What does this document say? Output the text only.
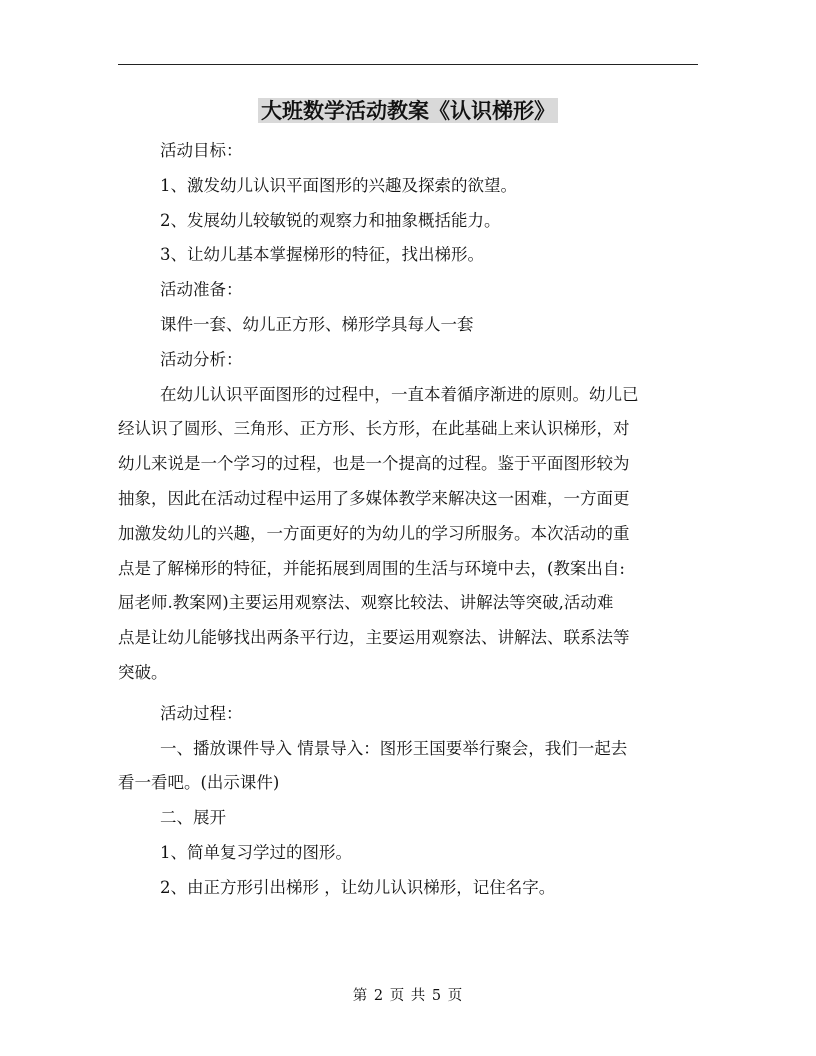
大班数学活动教案《认识梯形》

活动目标：

1、激发幼儿认识平面图形的兴趣及探索的欲望。

2、发展幼儿较敏锐的观察力和抽象概括能力。

3、让幼儿基本掌握梯形的特征，找出梯形。

活动准备：

课件一套、幼儿正方形、梯形学具每人一套

活动分析：

在幼儿认识平面图形的过程中，一直本着循序渐进的原则。幼儿已

经认识了圆形、三角形、正方形、长方形，在此基础上来认识梯形，对

幼儿来说是一个学习的过程，也是一个提高的过程。鉴于平面图形较为

抽象，因此在活动过程中运用了多媒体教学来解决这一困难，一方面更

加激发幼儿的兴趣，一方面更好的为幼儿的学习所服务。本次活动的重

点是了解梯形的特征，并能拓展到周围的生活与环境中去，(教案出自:

屈老师.教案网)主要运用观察法、观察比较法、讲解法等突破,活动难

点是让幼儿能够找出两条平行边，主要运用观察法、讲解法、联系法等

突破。

活动过程：

一、播放课件导入 情景导入：图形王国要举行聚会，我们一起去

看一看吧。(出示课件)

二、展开

1、简单复习学过的图形。

2、由正方形引出梯形 ，让幼儿认识梯形，记住名字。

第 2 页 共 5 页
